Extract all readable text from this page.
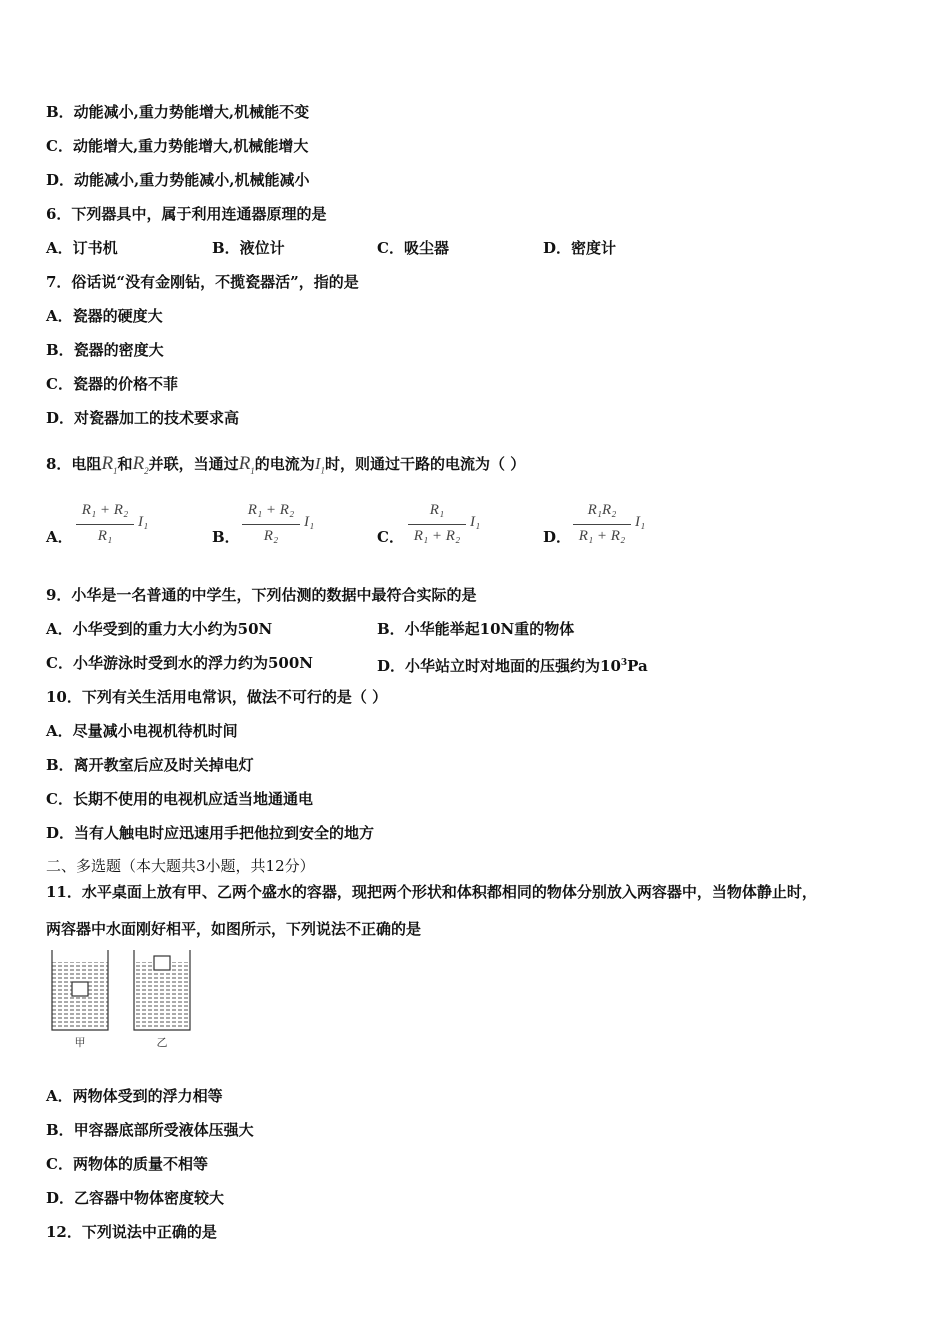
B．动能减小,重力势能增大,机械能不变
C．动能增大,重力势能增大,机械能增大
D．动能减小,重力势能减小,机械能减小
6．下列器具中，属于利用连通器原理的是
A．订书机	B．液位计	C．吸尘器	D．密度计
7．俗话说“没有金刚钻，不揽瓷器活”，指的是
A．瓷器的硬度大
B．瓷器的密度大
C．瓷器的价格不菲
D．对瓷器加工的技术要求高
8．电阻$R_1$和$R_2$并联，当通过$R_1$的电流为$I_1$时，则通过干路的电流为（ ）
A．
R₁ + R₂
R₁
I₁
B．
R₁ + R₂
R₂
I₁
C．
R₁
R₁ + R₂
I₁
D．
R₁R₂
R₁ + R₂
I₁
9．小华是一名普通的中学生，下列估测的数据中最符合实际的是
A．小华受到的重力大小约为50N	B．小华能举起10N重的物体
C．小华游泳时受到水的浮力约为500N	D．小华站立时对地面的压强约为$10^3Pa$
10．下列有关生活用电常识，做法不可行的是（ ）
A．尽量减小电视机待机时间
B．离开教室后应及时关掉电灯
C．长期不使用的电视机应适当地通通电
D．当有人触电时应迅速用手把他拉到安全的地方
二、多选题（本大题共3小题，共12分）
11．水平桌面上放有甲、乙两个盛水的容器，现把两个形状和体积都相同的物体分别放入两容器中，当物体静止时，
两容器中水面刚好相平，如图所示，下列说法不正确的是
甲	乙
A．两物体受到的浮力相等
B．甲容器底部所受液体压强大
C．两物体的质量不相等
D．乙容器中物体密度较大
12．下列说法中正确的是
